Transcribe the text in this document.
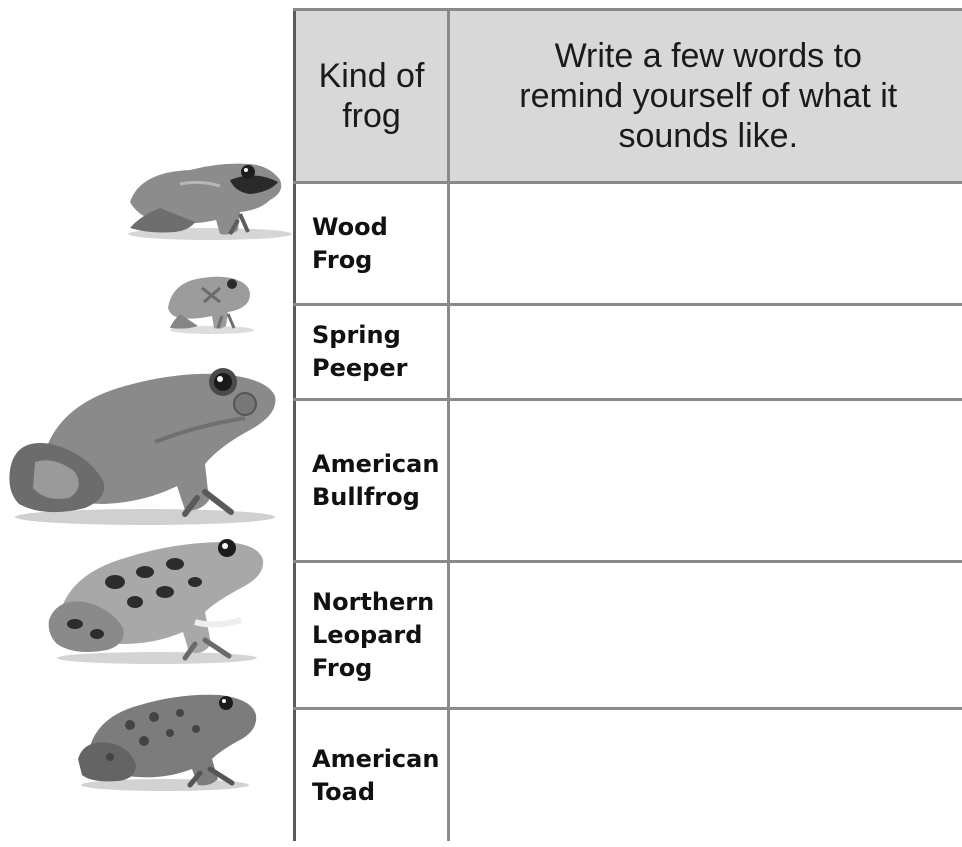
Kind of
frog	Write a few words to
remind yourself of what it
sounds like.

Wood
Frog	

Spring
Peeper	

American
Bullfrog	

Northern
Leopard
Frog	

American
Toad	
